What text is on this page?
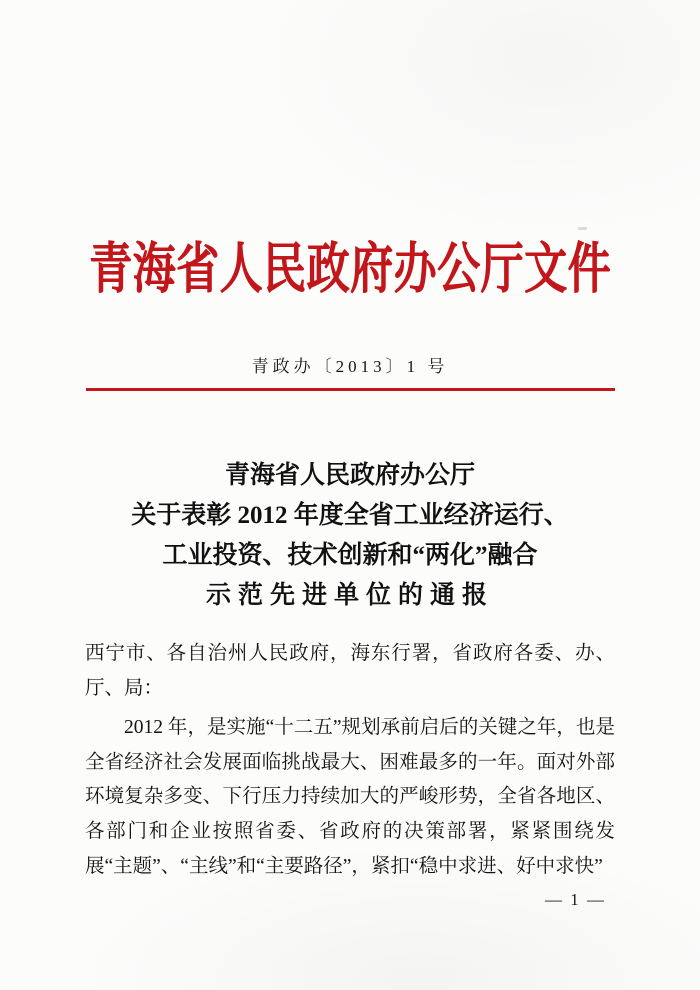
青海省人民政府办公厅文件
青政办〔2013〕1 号
青海省人民政府办公厅
关于表彰 2012 年度全省工业经济运行、
工业投资、技术创新和“两化”融合
示范先进单位的通报

西宁市、各自治州人民政府，海东行署，省政府各委、办、厅、局：

2012 年，是实施“十二五”规划承前启后的关键之年，也是全省经济社会发展面临挑战最大、困难最多的一年。面对外部环境复杂多变、下行压力持续加大的严峻形势，全省各地区、各部门和企业按照省委、省政府的决策部署，紧紧围绕发展“主题”、“主线”和“主要路径”，紧扣“稳中求进、好中求快”

— 1 —
